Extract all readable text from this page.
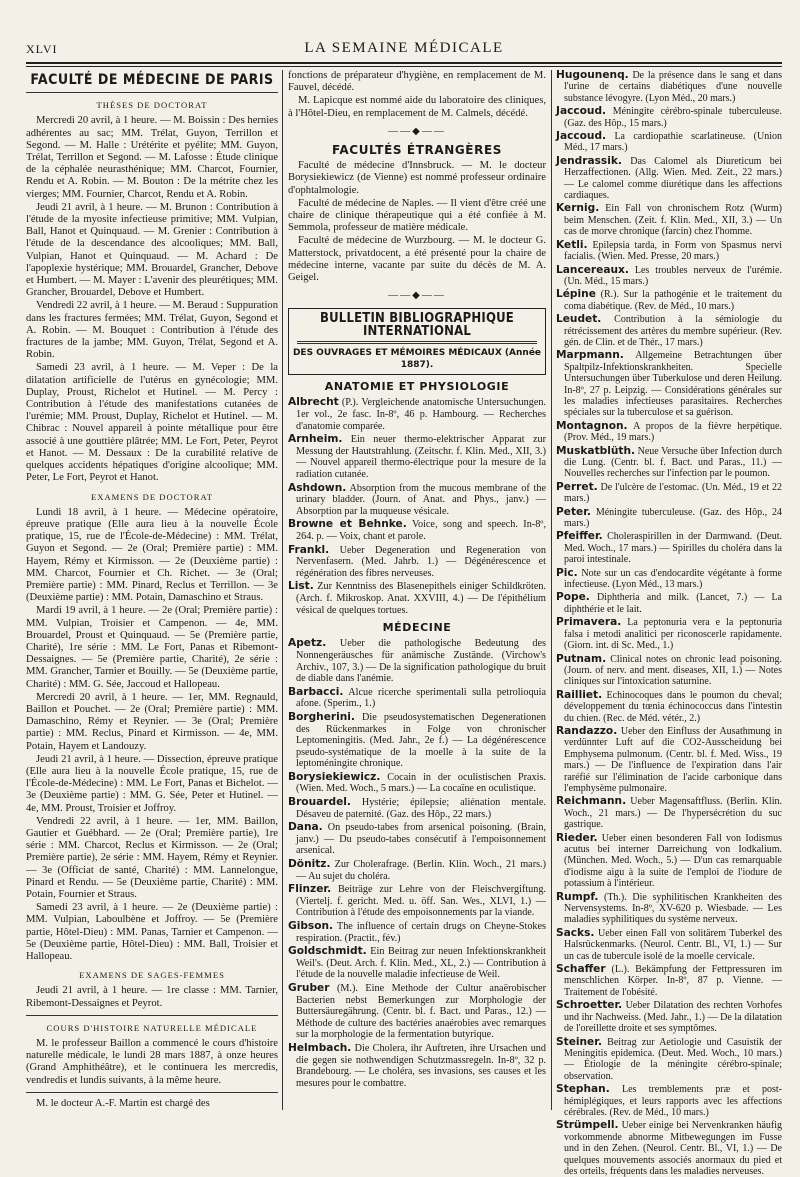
XLVI	LA SEMAINE MÉDICALE
FACULTÉ DE MÉDECINE DE PARIS
THÈSES DE DOCTORAT

Mercredi 20 avril, à 1 heure. — M. Boissin : Des hernies adhérentes au sac; MM. Trélat, Guyon, Terrillon et Segond. — M. Halle : Urétérite et pyélite; MM. Guyon, Trélat, Terrillon et Segond. — M. Lafosse : Étude clinique de la céphalée neurasthénique; MM. Charcot, Fournier, Rendu et A. Robin. — M. Bouton : De la métrite chez les vierges; MM. Fournier, Charcot, Rendu et A. Robin.

Jeudi 21 avril, à 1 heure. — M. Brunon : Contribution à l'étude de la myosite infectieuse primitive; MM. Vulpian, Ball, Hanot et Quinquaud. — M. Grenier : Contribution à l'étude de la descendance des alcooliques; MM. Ball, Vulpian, Hanot et Quinquaud. — M. Achard : De l'apoplexie hystérique; MM. Brouardel, Grancher, Debove et Humbert. — M. Mayer : L'avenir des pleurétiques; MM. Grancher, Brouardel, Debove et Humbert.

Vendredi 22 avril, à 1 heure. — M. Beraud : Suppuration dans les fractures fermées; MM. Trélat, Guyon, Segond et A. Robin. — M. Bouquet : Contribution à l'étude des fractures de la jambe; MM. Guyon, Trélat, Segond et A. Robin.

Samedi 23 avril, à 1 heure. — M. Veper : De la dilatation artificielle de l'utérus en gynécologie; MM. Duplay, Proust, Richelot et Hutinel. — M. Percy : Contribution à l'étude des manifestations cutanées de l'urémie; MM. Proust, Duplay, Richelot et Hutinel. — M. Chibrac : Nouvel appareil à pointe métallique pour être associé à une gouttière plâtrée; MM. Le Fort, Peter, Peyrot et Hanot. — M. Dessaux : De la curabilité relative de quelques accidents hépatiques d'origine alcoolique; MM. Peter, Le Fort, Peyrot et Hanot.

EXAMENS DE DOCTORAT

Lundi 18 avril, à 1 heure. — Médecine opératoire, épreuve pratique (Elle aura lieu à la nouvelle École pratique, 15, rue de l'École-de-Médecine) : MM. Trélat, Guyon et Segond. — 2e (Oral; Première partie) : MM. Hayem, Rémy et Kirmisson. — 2e (Deuxième partie) : MM. Charcot, Fournier et Ch. Richet. — 3e (Oral; Première partie) : MM. Pinard, Reclus et Terrillon. — 3e (Deuxième partie) : MM. Potain, Damaschino et Straus.

Mardi 19 avril, à 1 heure. — 2e (Oral; Première partie) : MM. Vulpian, Troisier et Campenon. — 4e, MM. Brouardel, Proust et Quinquaud. — 5e (Première partie, Charité), 1re série : MM. Le Fort, Panas et Ribemont-Dessaignes. — 5e (Première partie, Charité), 2e série : MM. Grancher, Tarnier et Bouilly. — 5e (Deuxième partie, Charité) : MM. G. Sée, Jaccoud et Hallopeau.

Mercredi 20 avril, à 1 heure. — 1er, MM. Regnauld, Baillon et Pouchet. — 2e (Oral; Première partie) : MM. Damaschino, Rémy et Reynier. — 3e (Oral; Première partie) : MM. Reclus, Pinard et Kirmisson. — 4e, MM. Potain, Hayem et Landouzy.

Jeudi 21 avril, à 1 heure. — Dissection, épreuve pratique (Elle aura lieu à la nouvelle École pratique, 15, rue de l'École-de-Médecine) : MM. Le Fort, Panas et Bichelot. — 3e (Deuxième partie) : MM. G. Sée, Peter et Hutinel. — 4e, MM. Proust, Troisier et Joffroy.

Vendredi 22 avril, à 1 heure. — 1er, MM. Baillon, Gautier et Guébhard. — 2e (Oral; Première partie), 1re série : MM. Charcot, Reclus et Kirmisson. — 2e (Oral; Première partie), 2e série : MM. Hayem, Rémy et Reynier. — 3e (Officiat de santé, Charité) : MM. Lannelongue, Pinard et Rendu. — 5e (Deuxième partie, Charité) : MM. Potain, Fournier et Straus.

Samedi 23 avril, à 1 heure. — 2e (Deuxième partie) : MM. Vulpian, Laboulbène et Joffroy. — 5e (Première partie, Hôtel-Dieu) : MM. Panas, Tarnier et Campenon. — 5e (Deuxième partie, Hôtel-Dieu) : MM. Ball, Troisier et Hallopeau.

EXAMENS DE SAGES-FEMMES

Jeudi 21 avril, à 1 heure. — 1re classe : MM. Tarnier, Ribemont-Dessaignes et Peyrot.

COURS D'HISTOIRE NATURELLE MÉDICALE

M. le professeur Baillon a commencé le cours d'histoire naturelle médicale, le lundi 28 mars 1887, à onze heures (Grand Amphithéâtre), et le continuera les mercredis, vendredis et lundis suivants, à la même heure.

M. le docteur A.-F. Martin est chargé des

fonctions de préparateur d'hygiène, en remplacement de M. Fauvel, décédé.

M. Lapicque est nommé aide du laboratoire des cliniques, à l'Hôtel-Dieu, en remplacement de M. Calmels, décédé.

——◆——
FACULTÉS ÉTRANGÈRES

Faculté de médecine d'Innsbruck. — M. le docteur Borysiekiewicz (de Vienne) est nommé professeur ordinaire d'ophtalmologie.

Faculté de médecine de Naples. — Il vient d'être créé une chaire de clinique thérapeutique qui a été confiée à M. Semmola, professeur de matière médicale.

Faculté de médecine de Wurzbourg. — M. le docteur G. Matterstock, privatdocent, a été présenté pour la chaire de médecine interne, vacante par suite du décès de M. A. Geigel.

——◆——
BULLETIN BIBLIOGRAPHIQUE INTERNATIONAL
DES OUVRAGES ET MÉMOIRES MÉDICAUX (Année 1887).
ANATOMIE ET PHYSIOLOGIE
Albrecht (P.). Vergleichende anatomische Untersuchungen. 1er vol., 2e fasc. In-8º, 46 p. Hambourg. — Recherches d'anatomie comparée.
Arnheim. Ein neuer thermo-elektrischer Apparat zur Messung der Hautstrahlung. (Zeitschr. f. Klin. Med., XII, 3.) — Nouvel appareil thermo-électrique pour la mesure de la radiation cutanée.
Ashdown. Absorption from the mucous membrane of the urinary bladder. (Journ. of Anat. and Phys., janv.) — Absorption par la muqueuse vésicale.
Browne et Behnke. Voice, song and speech. In-8º, 264. p. — Voix, chant et parole.
Frankl. Ueber Degeneration und Regeneration von Nervenfasern. (Med. Jahrb. 1.) — Dégénérescence et régénération des fibres nerveuses.
List. Zur Kenntniss des Blasenepithels einiger Schildkröten. (Arch. f. Mikroskop. Anat. XXVIII, 4.) — De l'épithélium vésical de quelques tortues.
MÉDECINE
Apetz. Ueber die pathologische Bedeutung des Nonnengeräusches für anämische Zustände. (Virchow's Archiv., 107, 3.) — De la signification pathologique du bruit de diable dans l'anémie.
Barbacci. Alcue ricerche sperimentali sulla petrolioquia afone. (Sperim., 1.)
Borgherini. Die pseudosystematischen Degenerationen des Rückenmarkes in Folge von chronischer Leptomeningitis. (Med. Jahr., 2e f.) — La dégénérescence pseudo-systématique de la moelle à la suite de la leptoméningite chronique.
Borysiekiewicz. Cocain in der oculistischen Praxis. (Wien. Med. Woch., 5 mars.) — La cocaïne en oculistique.
Brouardel. Hystérie; épilepsie; aliénation mentale. Désaveu de paternité. (Gaz. des Hôp., 22 mars.)
Dana. On pseudo-tabes from arsenical poisoning. (Brain, janv.) — Du pseudo-tabes consécutif à l'empoisonnement arsenical.
Dönitz. Zur Cholerafrage. (Berlin. Klin. Woch., 21 mars.) — Au sujet du choléra.
Flinzer. Beiträge zur Lehre von der Fleischvergiftung. (Viertelj. f. gericht. Med. u. öff. San. Wes., XLVI, 1.) — Contribution à l'étude des empoisonnements par la viande.
Gibson. The influence of certain drugs on Cheyne-Stokes respiration. (Practit., fév.)
Goldschmidt. Ein Beitrag zur neuen Infektionskrankheit Weil's. (Deut. Arch. f. Klin. Med., XL, 2.) — Contribution à l'étude de la nouvelle maladie infectieuse de Weil.
Gruber (M.). Eine Methode der Cultur anaërobischer Bacterien nebst Bemerkungen zur Morphologie der Buttersäuregährung. (Centr. bl. f. Bact. und Paras., 12.) — Méthode de culture des bactéries anaérobies avec remarques sur la morphologie de la fermentation butyrique.
Helmbach. Die Cholera, ihr Auftreten, ihre Ursachen und die gegen sie nothwendigen Schutzmassregeln. In-8º, 32 p. Brandebourg. — Le choléra, ses invasions, ses causes et les mesures pour le combattre.
Hugounenq. De la présence dans le sang et dans l'urine de certains diabétiques d'une nouvelle substance lévogyre. (Lyon Méd., 20 mars.)
Jaccoud. Méningite cérébro-spinale tuberculeuse. (Gaz. des Hôp., 15 mars.)
Jaccoud. La cardiopathie scarlatineuse. (Union Méd., 17 mars.)
Jendrassik. Das Calomel als Diureticum bei Herzaffectionen. (Allg. Wien. Med. Zeit., 22 mars.) — Le calomel comme diurétique dans les affections cardiaques.
Kernig. Ein Fall von chronischem Rotz (Wurm) beim Menschen. (Zeit. f. Klin. Med., XII, 3.) — Un cas de morve chronique (farcin) chez l'homme.
Ketli. Epilepsia tarda, in Form von Spasmus nervi facialis. (Wien. Med. Presse, 20 mars.)
Lancereaux. Les troubles nerveux de l'urémie. (Un. Méd., 15 mars.)
Lépine (R.). Sur la pathogénie et le traitement du coma diabétique. (Rev. de Méd., 10 mars.)
Leudet. Contribution à la sémiologie du rétrécissement des artères du membre supérieur. (Rev. gén. de Clin. et de Thér., 17 mars.)
Marpmann. Allgemeine Betrachtungen über Spaltpilz-Infektionskrankheiten. Specielle Untersuchungen über Tuberkulose und deren Heilung. In-8º, 27 p. Leipzig. — Considérations générales sur les maladies infectieuses parasitaires. Recherches spéciales sur la tuberculose et sa guérison.
Montagnon. A propos de la fièvre herpétique. (Prov. Méd., 19 mars.)
Muskatblüth. Neue Versuche über Infection durch die Lung. (Centr. bl. f. Bact. und Paras., 11.) — Nouvelles recherches sur l'infection par le poumon.
Perret. De l'ulcère de l'estomac. (Un. Méd., 19 et 22 mars.)
Peter. Méningite tuberculeuse. (Gaz. des Hôp., 24 mars.)
Pfeiffer. Choleraspirillen in der Darmwand. (Deut. Med. Woch., 17 mars.) — Spirilles du choléra dans la paroi intestinale.
Pic. Note sur un cas d'endocardite végétante à forme infectieuse. (Lyon Méd., 13 mars.)
Pope. Diphtheria and milk. (Lancet, 7.) — La diphthérie et le lait.
Primavera. La peptonuria vera e la peptonuria falsa i metodi analitici per riconoscerle rapidamente. (Giorn. int. di Sc. Med., 1.)
Putnam. Clinical notes on chronic lead poisoning. (Journ. of nerv. and ment. diseases, XII, 1.) — Notes cliniques sur l'intoxication saturnine.
Railliet. Echinocoques dans le poumon du cheval; développement du tœnia échinococcus dans l'intestin du chien. (Rec. de Méd. vétér., 2.)
Randazzo. Ueber den Einfluss der Ausathmung in verdünnter Luft auf die CO2-Ausscheidung bei Emphysema pulmonum. (Centr. bl. f. Med. Wiss., 19 mars.) — De l'influence de l'expiration dans l'air raréfié sur l'élimination de l'acide carbonique dans l'emphysème pulmonaire.
Reichmann. Ueber Magensaftfluss. (Berlin. Klin. Woch., 21 mars.) — De l'hypersécrétion du suc gastrique.
Rieder. Ueber einen besonderen Fall von Iodismus acutus bei interner Darreichung von Iodkalium. (München. Med. Woch., 5.) — D'un cas remarquable d'iodisme aigu à la suite de l'emploi de l'iodure de potassium à l'intérieur.
Rumpf. (Th.). Die syphilitischen Krankheiten des Nervensystems. In-8º, XV-620 p. Wiesbade. — Les maladies syphilitiques du système nerveux.
Sacks. Ueber einen Fall von solitärem Tuberkel des Halsrückenmarks. (Neurol. Centr. Bl., VI, 1.) — Sur un cas de tubercule isolé de la moelle cervicale.
Schaffer (L.). Bekämpfung der Fettpressuren im menschlichen Körper. In-8º, 87 p. Vienne. — Traitement de l'obésité.
Schroetter. Ueber Dilatation des rechten Vorhofes und ihr Nachweiss. (Med. Jahr., 1.) — De la dilatation de l'oreillette droite et ses symptômes.
Steiner. Beitrag zur Aetiologie und Casuistik der Meningitis epidemica. (Deut. Med. Woch., 10 mars.) — Étiologie de la méningite cérébro-spinale; observation.
Stephan. Les tremblements præ et post-hémiplégiques, et leurs rapports avec les affections cérébrales. (Rev. de Méd., 10 mars.)
Strümpell. Ueber einige bei Nervenkranken häufig vorkommende abnorme Mitbewegungen im Fusse und in den Zehen. (Neurol. Centr. Bl., VI, 1.) — De quelques mouvements associés anormaux du pied et des orteils, fréquents dans les maladies nerveuses.
